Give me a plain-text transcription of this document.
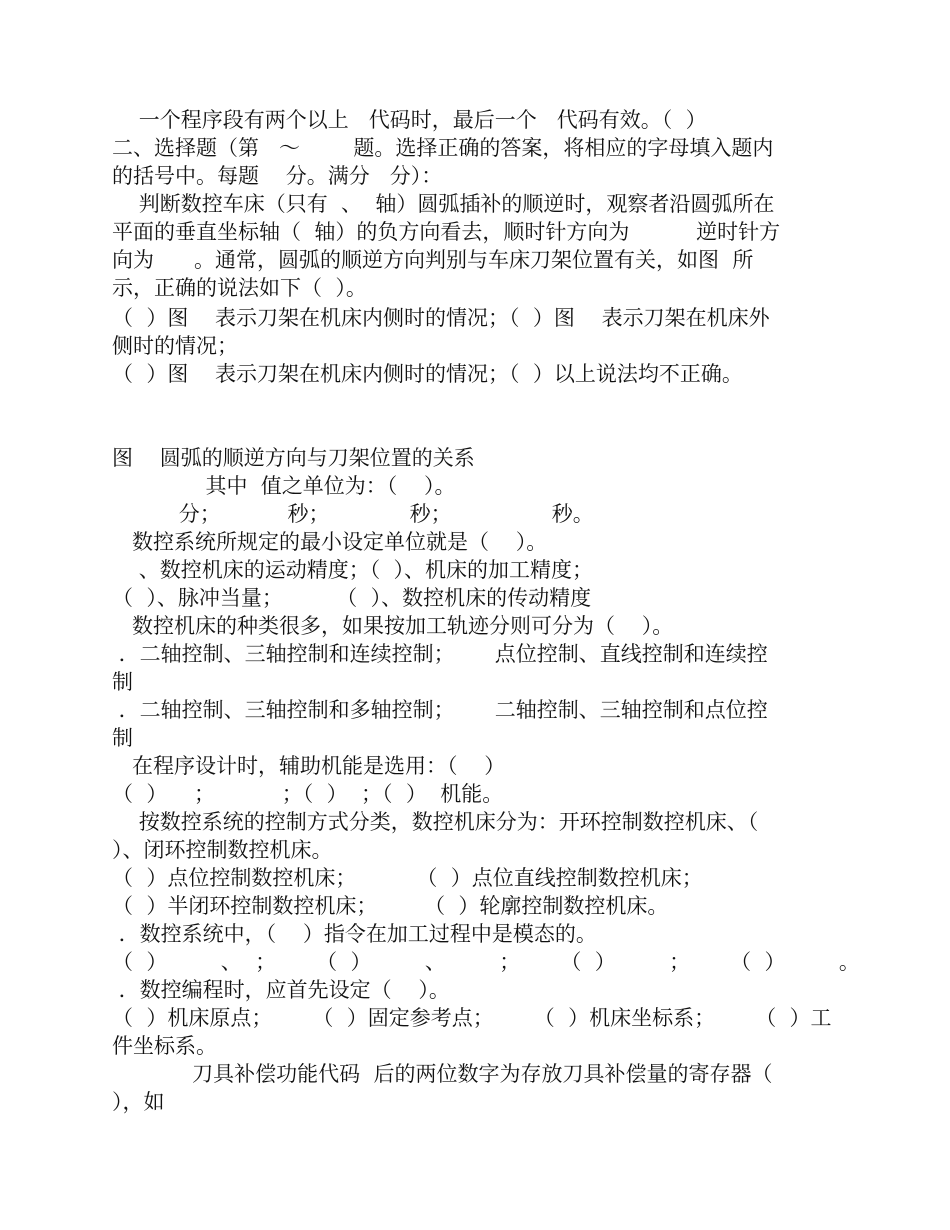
一个程序段有两个以上   代码时，最后一个   代码有效。（  ）
二、选择题（第   ～        题。选择正确的答案，将相应的字母填入题内
的括号中。每题    分。满分   分）：
判断数控车床（只有  、  轴）圆弧插补的顺逆时，观察者沿圆弧所在
平面的垂直坐标轴（  轴）的负方向看去，顺时针方向为          逆时针方
向为      。通常，圆弧的顺逆方向判别与车床刀架位置有关，如图  所
示，正确的说法如下（  ）。
（  ）图    表示刀架在机床内侧时的情况；（  ）图    表示刀架在机床外
侧时的情况；
（  ）图    表示刀架在机床内侧时的情况；（  ）以上说法均不正确。
图    圆弧的顺逆方向与刀架位置的关系
其中  值之单位为：（    ）。
分；          秒；            秒；               秒。
数控系统所规定的最小设定单位就是（    ）。
、数控机床的运动精度；（  ）、机床的加工精度；
（  ）、脉冲当量；        （  ）、数控机床的传动精度
数控机床的种类很多，如果按加工轨迹分则可分为（    ）。
．二轴控制、三轴控制和连续控制；      点位控制、直线控制和连续控
制
．二轴控制、三轴控制和多轴控制；      二轴控制、三轴控制和点位控
制
在程序设计时，辅助机能是选用：（    ）
（  ）    ；          ；（  ）  ；（  ）  机能。
按数控系统的控制方式分类，数控机床分为：开环控制数控机床、（
）、闭环控制数控机床。
（  ）点位控制数控机床；         （  ）点位直线控制数控机床；
（  ）半闭环控制数控机床；       （  ）轮廓控制数控机床。
．数控系统中，（    ）指令在加工过程中是模态的。
（  ）        、  ；      （  ）        、        ；      （  ）        ；      （  ）        。
．数控编程时，应首先设定（    ）。
（  ）机床原点；      （  ）固定参考点；      （  ）机床坐标系；      （  ）工
件坐标系。
刀具补偿功能代码  后的两位数字为存放刀具补偿量的寄存器（
），如
